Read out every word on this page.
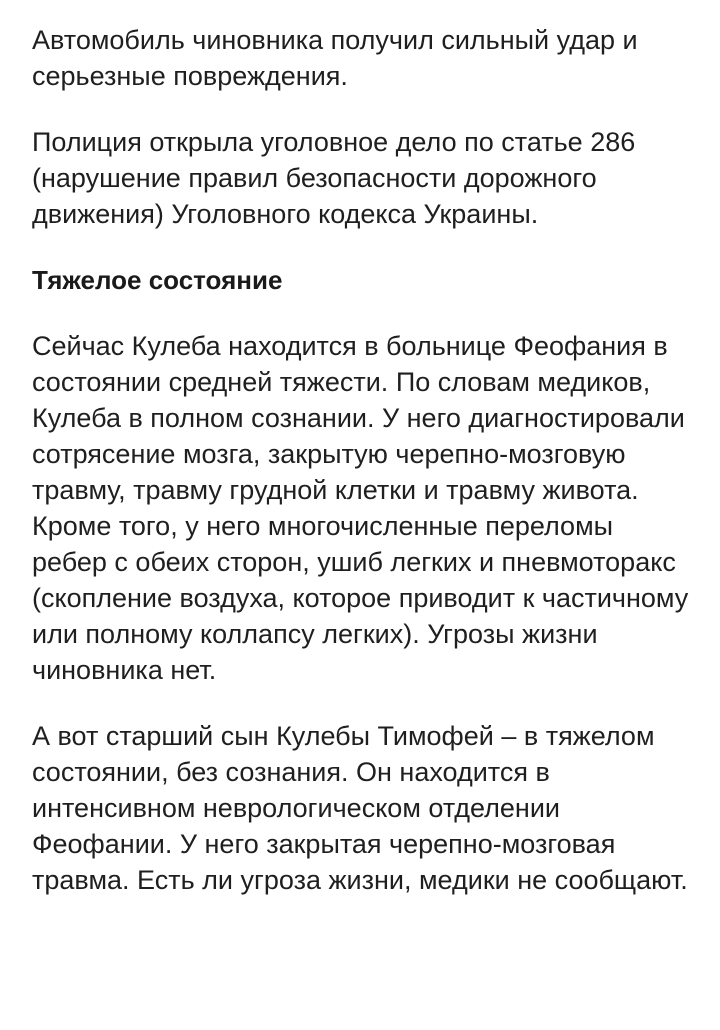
Автомобиль чиновника получил сильный удар и серьезные повреждения.

Полиция открыла уголовное дело по статье 286 (нарушение правил безопасности дорожного движения) Уголовного кодекса Украины.

Тяжелое состояние

Сейчас Кулеба находится в больнице Феофания в состоянии средней тяжести. По словам медиков, Кулеба в полном сознании. У него диагностировали сотрясение мозга, закрытую черепно-мозговую травму, травму грудной клетки и травму живота. Кроме того, у него многочисленные переломы ребер с обеих сторон, ушиб легких и пневмоторакс (скопление воздуха, которое приводит к частичному или полному коллапсу легких). Угрозы жизни чиновника нет.

А вот старший сын Кулебы Тимофей – в тяжелом состоянии, без сознания. Он находится в интенсивном неврологическом отделении Феофании. У него закрытая черепно-мозговая травма. Есть ли угроза жизни, медики не сообщают.
